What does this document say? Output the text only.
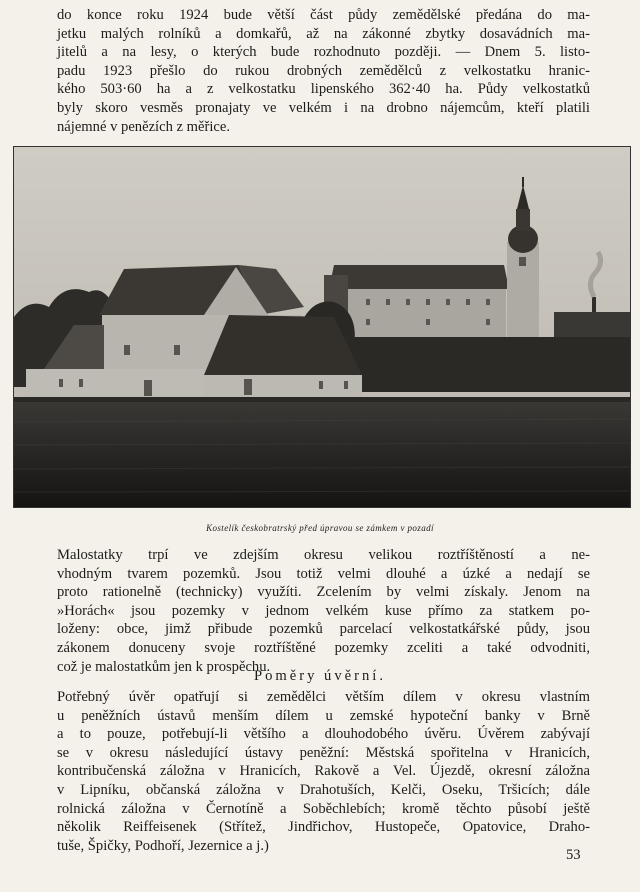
do konce roku 1924 bude větší část půdy zemědělské předána do ma-
jetku malých rolníků a domkařů, až na zákonné zbytky dosavádních ma-
jitelů a na lesy, o kterých bude rozhodnuto později. — Dnem 5. listo-
padu 1923 přešlo do rukou drobných zemědělců z velkostatku hranic-
kého 503·60 ha a z velkostatku lipenského 362·40 ha. Půdy velkostatků
byly skoro vesměs pronajaty ve velkém i na drobno nájemcům, kteří platili
nájemné v penězích z měřice.

Kostelík českobratrský před úpravou se zámkem v pozadí

Malostatky trpí ve zdejším okresu velikou roztříštěností a ne-
vhodným tvarem pozemků. Jsou totiž velmi dlouhé a úzké a nedají se
proto rationelně (technicky) využíti. Zcelením by velmi získaly. Jenom na
»Horách« jsou pozemky v jednom velkém kuse přímo za statkem po-
loženy: obce, jimž přibude pozemků parcelací velkostatkářské půdy, jsou
zákonem donuceny svoje roztříštěné pozemky zceliti a také odvodniti,
což je malostatkům jen k prospěchu.

Poměry úvěrní.

Potřebný úvěr opatřují si zemědělci větším dílem v okresu vlastním
u peněžních ústavů menším dílem u zemské hypoteční banky v Brně
a to pouze, potřebují-li většího a dlouhodobého úvěru. Úvěrem zabývají
se v okresu následující ústavy peněžní: Městská spořitelna v Hranicích,
kontribučenská záložna v Hranicích, Rakově a Vel. Újezdě, okresní záložna
v Lipníku, občanská záložna v Drahotuších, Kelči, Oseku, Tršicích; dále
rolnická záložna v Černotíně a Soběchlebích; kromě těchto působí ještě
několik Reiffeisenek (Střítež, Jindřichov, Hustopeče, Opatovice, Draho-
tuše, Špičky, Podhoří, Jezernice a j.)

53
